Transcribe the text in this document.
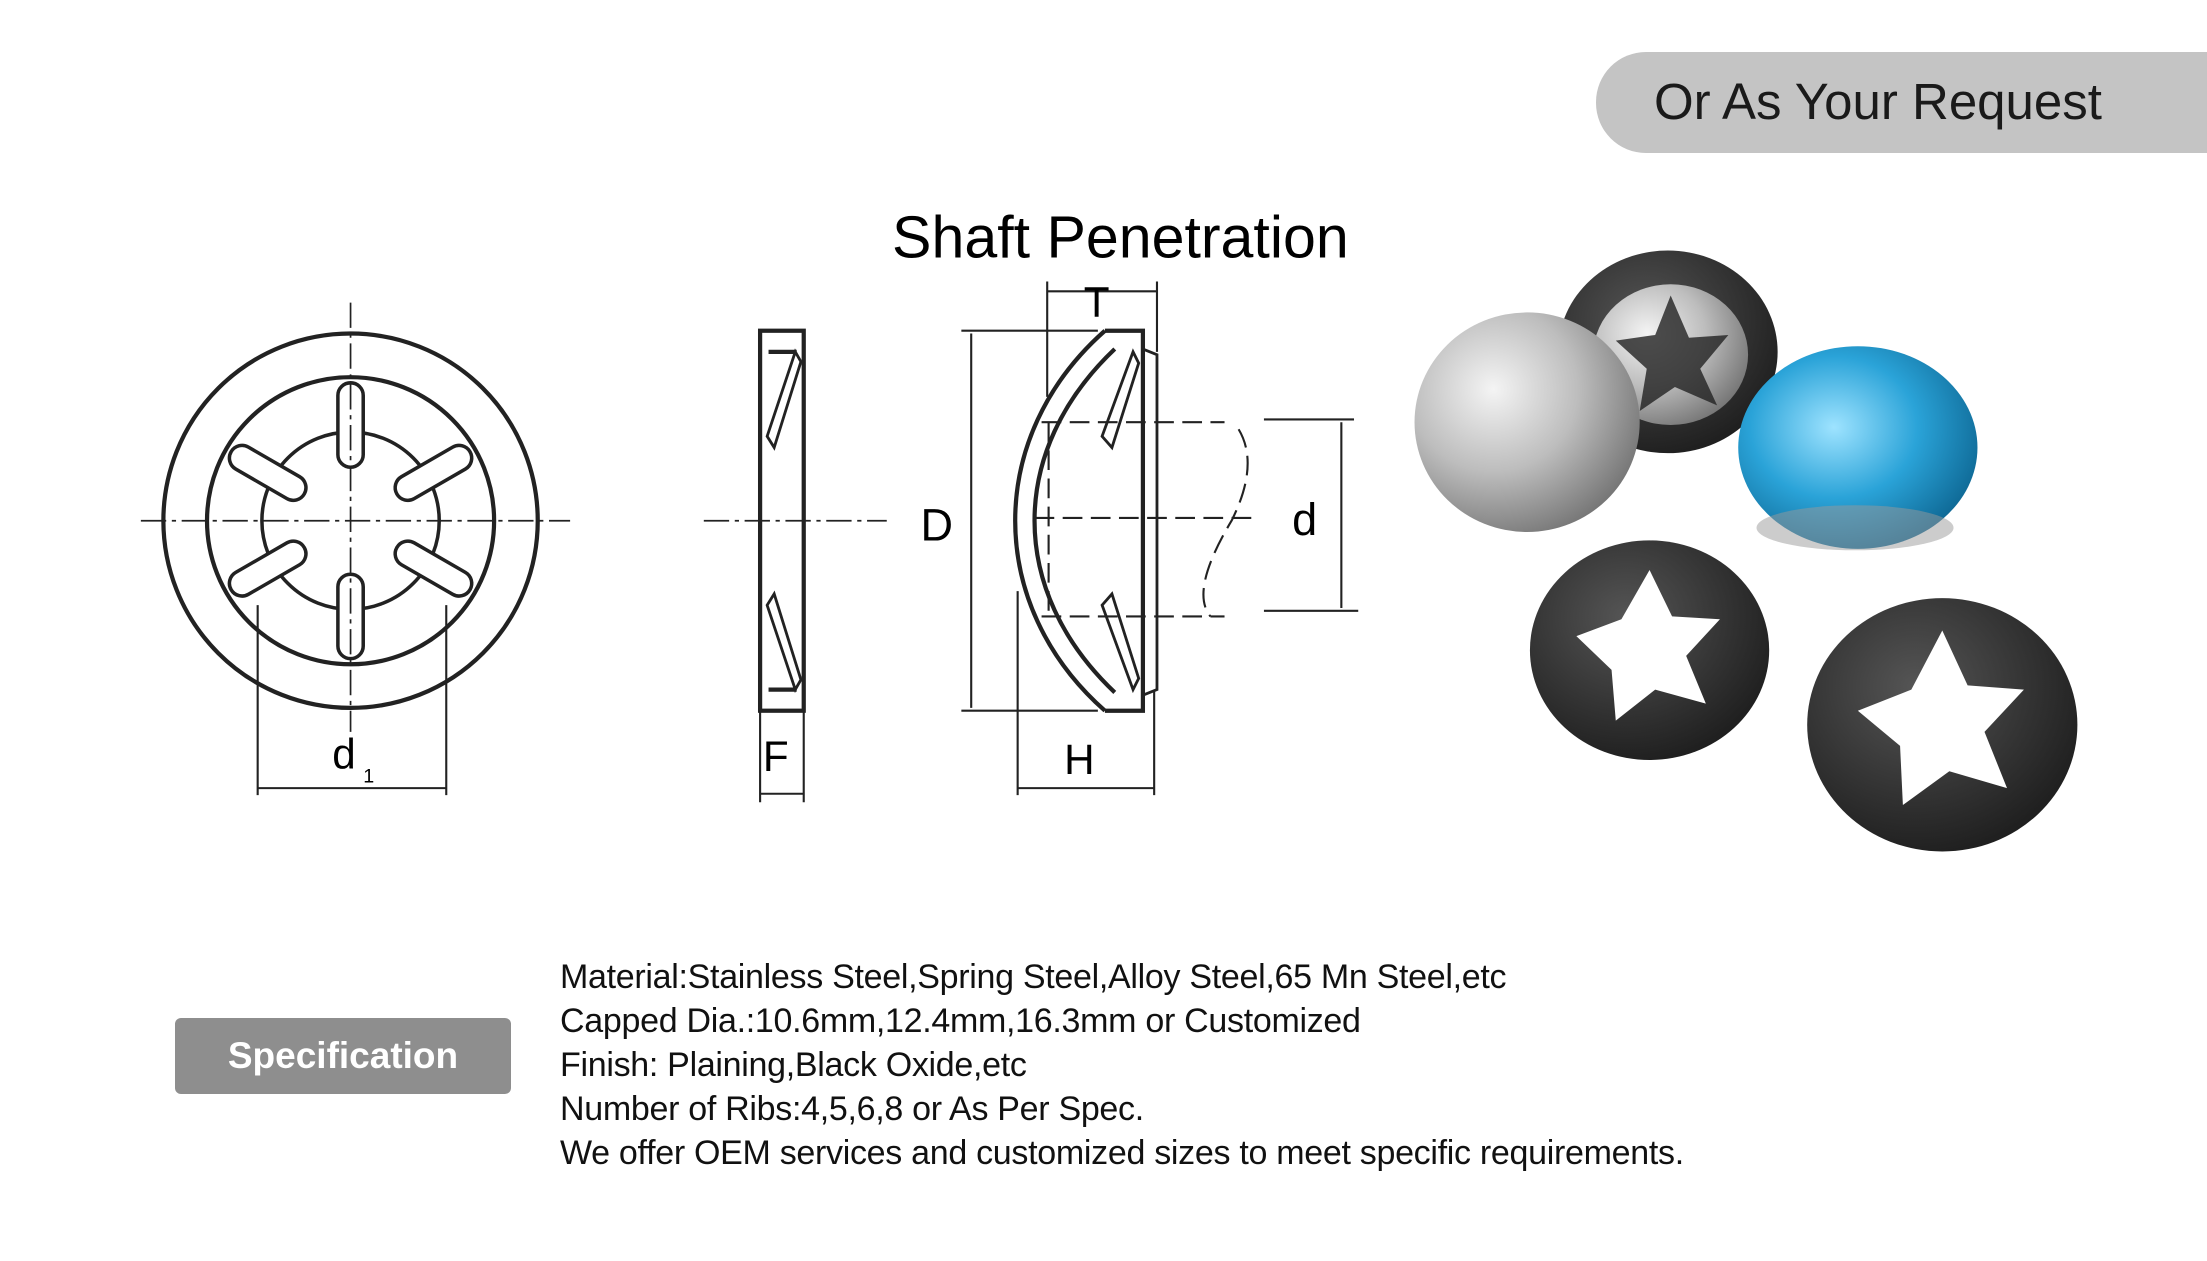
Shaft Penetration
d 1	F
D
T
H
d
Or As Your Request
Specification
Material:Stainless Steel,Spring Steel,Alloy Steel,65 Mn Steel,etc
Capped Dia.:10.6mm,12.4mm,16.3mm or Customized
Finish: Plaining,Black Oxide,etc
Number of Ribs:4,5,6,8 or As Per Spec.
We offer OEM services and customized sizes to meet specific requirements.
